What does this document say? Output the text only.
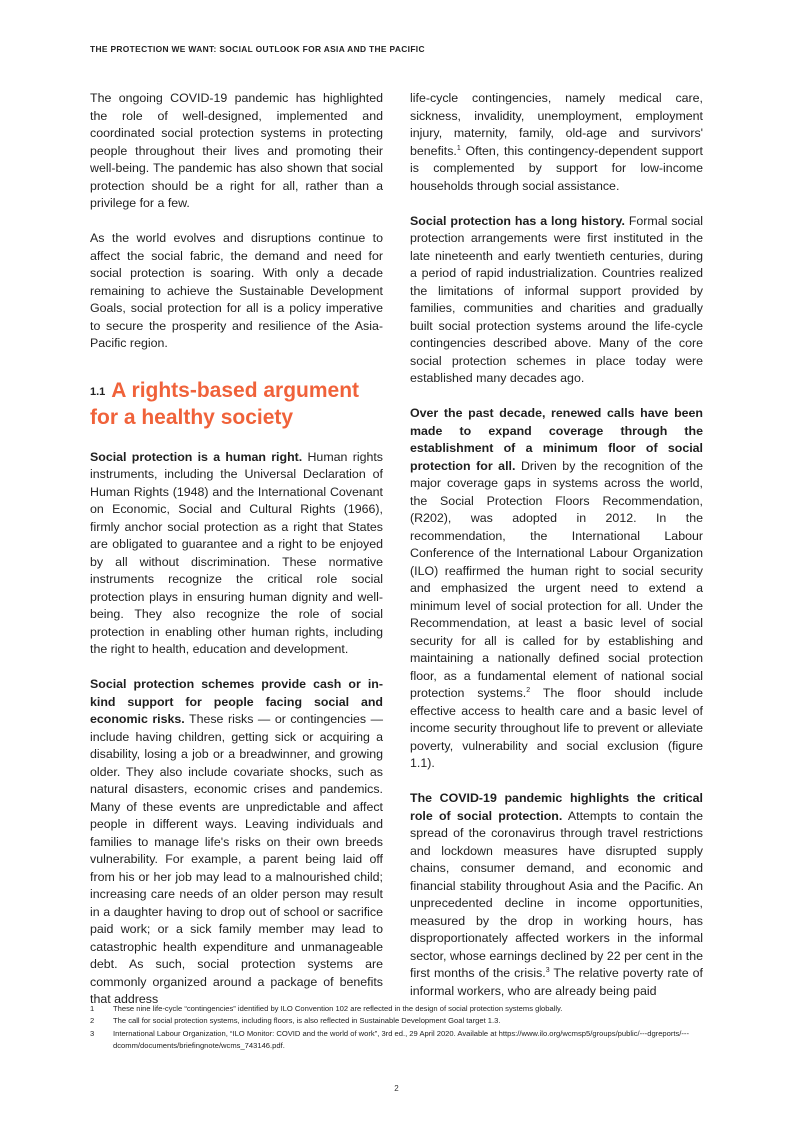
THE PROTECTION WE WANT: SOCIAL OUTLOOK FOR ASIA AND THE PACIFIC

The ongoing COVID-19 pandemic has highlighted the role of well-designed, implemented and coordinated social protection systems in protecting people throughout their lives and promoting their well-being. The pandemic has also shown that social protection should be a right for all, rather than a privilege for a few.

As the world evolves and disruptions continue to affect the social fabric, the demand and need for social protection is soaring. With only a decade remaining to achieve the Sustainable Development Goals, social protection for all is a policy imperative to secure the prosperity and resilience of the Asia-Pacific region.

1.1 A rights-based argument for a healthy society

Social protection is a human right. Human rights instruments, including the Universal Declaration of Human Rights (1948) and the International Covenant on Economic, Social and Cultural Rights (1966), firmly anchor social protection as a right that States are obligated to guarantee and a right to be enjoyed by all without discrimination. These normative instruments recognize the critical role social protection plays in ensuring human dignity and well-being. They also recognize the role of social protection in enabling other human rights, including the right to health, education and development.

Social protection schemes provide cash or in-kind support for people facing social and economic risks. These risks — or contingencies — include having children, getting sick or acquiring a disability, losing a job or a breadwinner, and growing older. They also include covariate shocks, such as natural disasters, economic crises and pandemics. Many of these events are unpredictable and affect people in different ways. Leaving individuals and families to manage life's risks on their own breeds vulnerability. For example, a parent being laid off from his or her job may lead to a malnourished child; increasing care needs of an older person may result in a daughter having to drop out of school or sacrifice paid work; or a sick family member may lead to catastrophic health expenditure and unmanageable debt. As such, social protection systems are commonly organized around a package of benefits that address

life-cycle contingencies, namely medical care, sickness, invalidity, unemployment, employment injury, maternity, family, old-age and survivors' benefits.$^1$ Often, this contingency-dependent support is complemented by support for low-income households through social assistance.

Social protection has a long history. Formal social protection arrangements were first instituted in the late nineteenth and early twentieth centuries, during a period of rapid industrialization. Countries realized the limitations of informal support provided by families, communities and charities and gradually built social protection systems around the life-cycle contingencies described above. Many of the core social protection schemes in place today were established many decades ago.

Over the past decade, renewed calls have been made to expand coverage through the establishment of a minimum floor of social protection for all. Driven by the recognition of the major coverage gaps in systems across the world, the Social Protection Floors Recommendation, (R202), was adopted in 2012. In the recommendation, the International Labour Conference of the International Labour Organization (ILO) reaffirmed the human right to social security and emphasized the urgent need to extend a minimum level of social protection for all. Under the Recommendation, at least a basic level of social security for all is called for by establishing and maintaining a nationally defined social protection floor, as a fundamental element of national social protection systems.$^2$ The floor should include effective access to health care and a basic level of income security throughout life to prevent or alleviate poverty, vulnerability and social exclusion (figure 1.1).

The COVID-19 pandemic highlights the critical role of social protection. Attempts to contain the spread of the coronavirus through travel restrictions and lockdown measures have disrupted supply chains, consumer demand, and economic and financial stability throughout Asia and the Pacific. An unprecedented decline in income opportunities, measured by the drop in working hours, has disproportionately affected workers in the informal sector, whose earnings declined by 22 per cent in the first months of the crisis.$^3$ The relative poverty rate of informal workers, who are already being paid

1	These nine life-cycle “contingencies” identified by ILO Convention 102 are reflected in the design of social protection systems globally.
2	The call for social protection systems, including floors, is also reflected in Sustainable Development Goal target 1.3.
3	International Labour Organization, “ILO Monitor: COVID and the world of work”, 3rd ed., 29 April 2020. Available at https://www.ilo.org/wcmsp5/groups/public/---dgreports/---dcomm/documents/briefingnote/wcms_743146.pdf.
2
